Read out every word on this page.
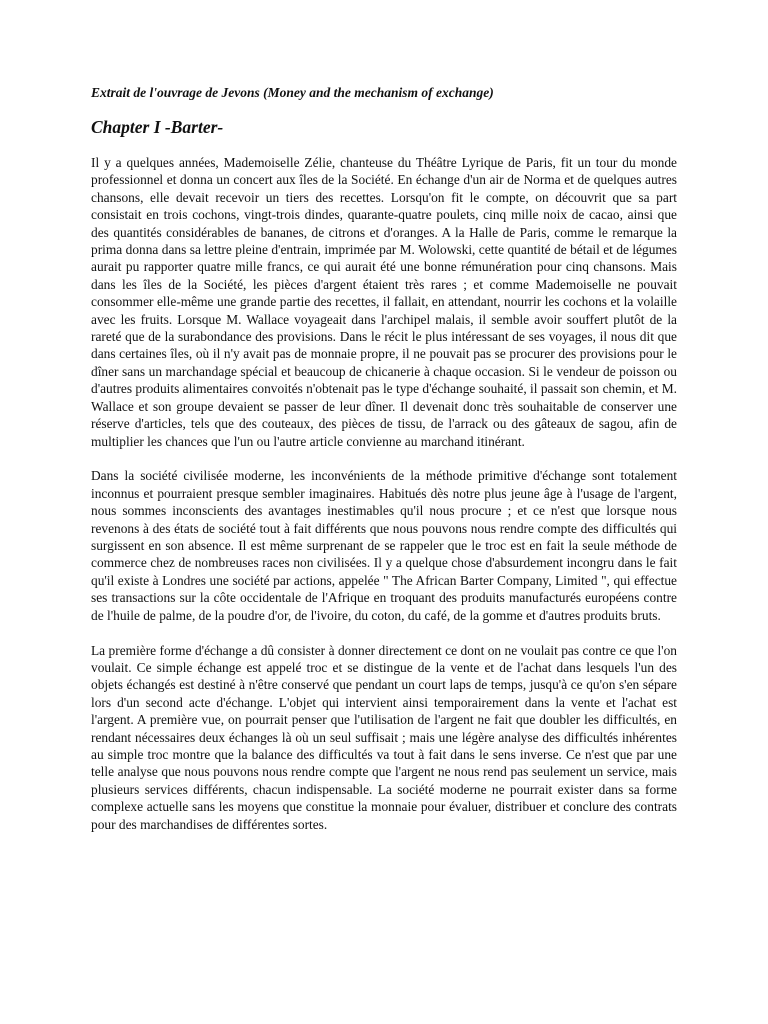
Extrait de l'ouvrage de Jevons (Money and the mechanism of exchange)
Chapter I -Barter-

Il y a quelques années, Mademoiselle Zélie, chanteuse du Théâtre Lyrique de Paris, fit un tour du monde professionnel et donna un concert aux îles de la Société. En échange d'un air de Norma et de quelques autres chansons, elle devait recevoir un tiers des recettes. Lorsqu'on fit le compte, on découvrit que sa part consistait en trois cochons, vingt-trois dindes, quarante-quatre poulets, cinq mille noix de cacao, ainsi que des quantités considérables de bananes, de citrons et d'oranges. A la Halle de Paris, comme le remarque la prima donna dans sa lettre pleine d'entrain, imprimée par M. Wolowski, cette quantité de bétail et de légumes aurait pu rapporter quatre mille francs, ce qui aurait été une bonne rémunération pour cinq chansons. Mais dans les îles de la Société, les pièces d'argent étaient très rares ; et comme Mademoiselle ne pouvait consommer elle-même une grande partie des recettes, il fallait, en attendant, nourrir les cochons et la volaille avec les fruits. Lorsque M. Wallace voyageait dans l'archipel malais, il semble avoir souffert plutôt de la rareté que de la surabondance des provisions. Dans le récit le plus intéressant de ses voyages, il nous dit que dans certaines îles, où il n'y avait pas de monnaie propre, il ne pouvait pas se procurer des provisions pour le dîner sans un marchandage spécial et beaucoup de chicanerie à chaque occasion. Si le vendeur de poisson ou d'autres produits alimentaires convoités n'obtenait pas le type d'échange souhaité, il passait son chemin, et M. Wallace et son groupe devaient se passer de leur dîner. Il devenait donc très souhaitable de conserver une réserve d'articles, tels que des couteaux, des pièces de tissu, de l'arrack ou des gâteaux de sagou, afin de multiplier les chances que l'un ou l'autre article convienne au marchand itinérant.

Dans la société civilisée moderne, les inconvénients de la méthode primitive d'échange sont totalement inconnus et pourraient presque sembler imaginaires. Habitués dès notre plus jeune âge à l'usage de l'argent, nous sommes inconscients des avantages inestimables qu'il nous procure ; et ce n'est que lorsque nous revenons à des états de société tout à fait différents que nous pouvons nous rendre compte des difficultés qui surgissent en son absence. Il est même surprenant de se rappeler que le troc est en fait la seule méthode de commerce chez de nombreuses races non civilisées. Il y a quelque chose d'absurdement incongru dans le fait qu'il existe à Londres une société par actions, appelée " The African Barter Company, Limited ", qui effectue ses transactions sur la côte occidentale de l'Afrique en troquant des produits manufacturés européens contre de l'huile de palme, de la poudre d'or, de l'ivoire, du coton, du café, de la gomme et d'autres produits bruts.

La première forme d'échange a dû consister à donner directement ce dont on ne voulait pas contre ce que l'on voulait. Ce simple échange est appelé troc et se distingue de la vente et de l'achat dans lesquels l'un des objets échangés est destiné à n'être conservé que pendant un court laps de temps, jusqu'à ce qu'on s'en sépare lors d'un second acte d'échange. L'objet qui intervient ainsi temporairement dans la vente et l'achat est l'argent. A première vue, on pourrait penser que l'utilisation de l'argent ne fait que doubler les difficultés, en rendant nécessaires deux échanges là où un seul suffisait ; mais une légère analyse des difficultés inhérentes au simple troc montre que la balance des difficultés va tout à fait dans le sens inverse. Ce n'est que par une telle analyse que nous pouvons nous rendre compte que l'argent ne nous rend pas seulement un service, mais plusieurs services différents, chacun indispensable. La société moderne ne pourrait exister dans sa forme complexe actuelle sans les moyens que constitue la monnaie pour évaluer, distribuer et conclure des contrats pour des marchandises de différentes sortes.
